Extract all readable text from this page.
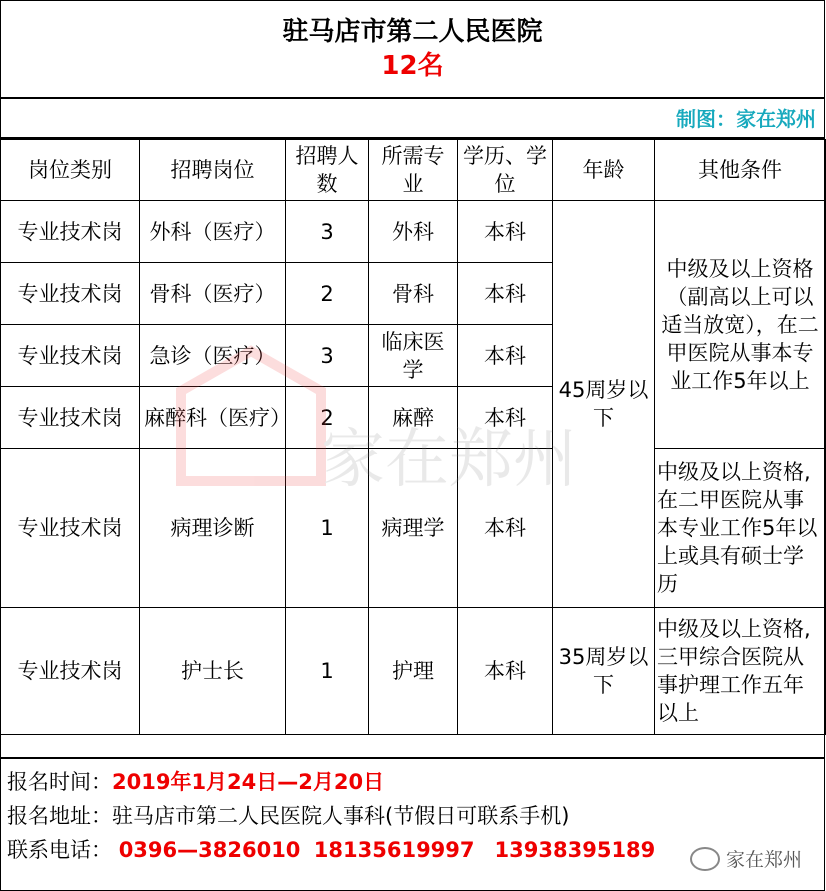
驻马店市第二人民医院
12名
制图：家在郑州
岗位类别	招聘岗位	招聘人数	所需专业	学历、学位	年龄	其他条件
专业技术岗	外科（医疗）	3	外科	本科	45周岁以下	中级及以上资格（副高以上可以适当放宽），在二甲医院从事本专业工作5年以上
专业技术岗	骨科（医疗）	2	骨科	本科		
专业技术岗	急诊（医疗）	3	临床医学	本科		
专业技术岗	麻醉科（医疗）	2	麻醉	本科		
专业技术岗	病理诊断	1	病理学	本科		中级及以上资格,在二甲医院从事本专业工作5年以上或具有硕士学历
专业技术岗	护士长	1	护理	本科	35周岁以下	中级及以上资格,三甲综合医院从事护理工作五年以上
报名时间：2019年1月24日—2月20日
报名地址：驻马店市第二人民医院人事科(节假日可联系手机)
联系电话： 0396—3826010 18135619997 13938395189	家在郑州
家在郑州
